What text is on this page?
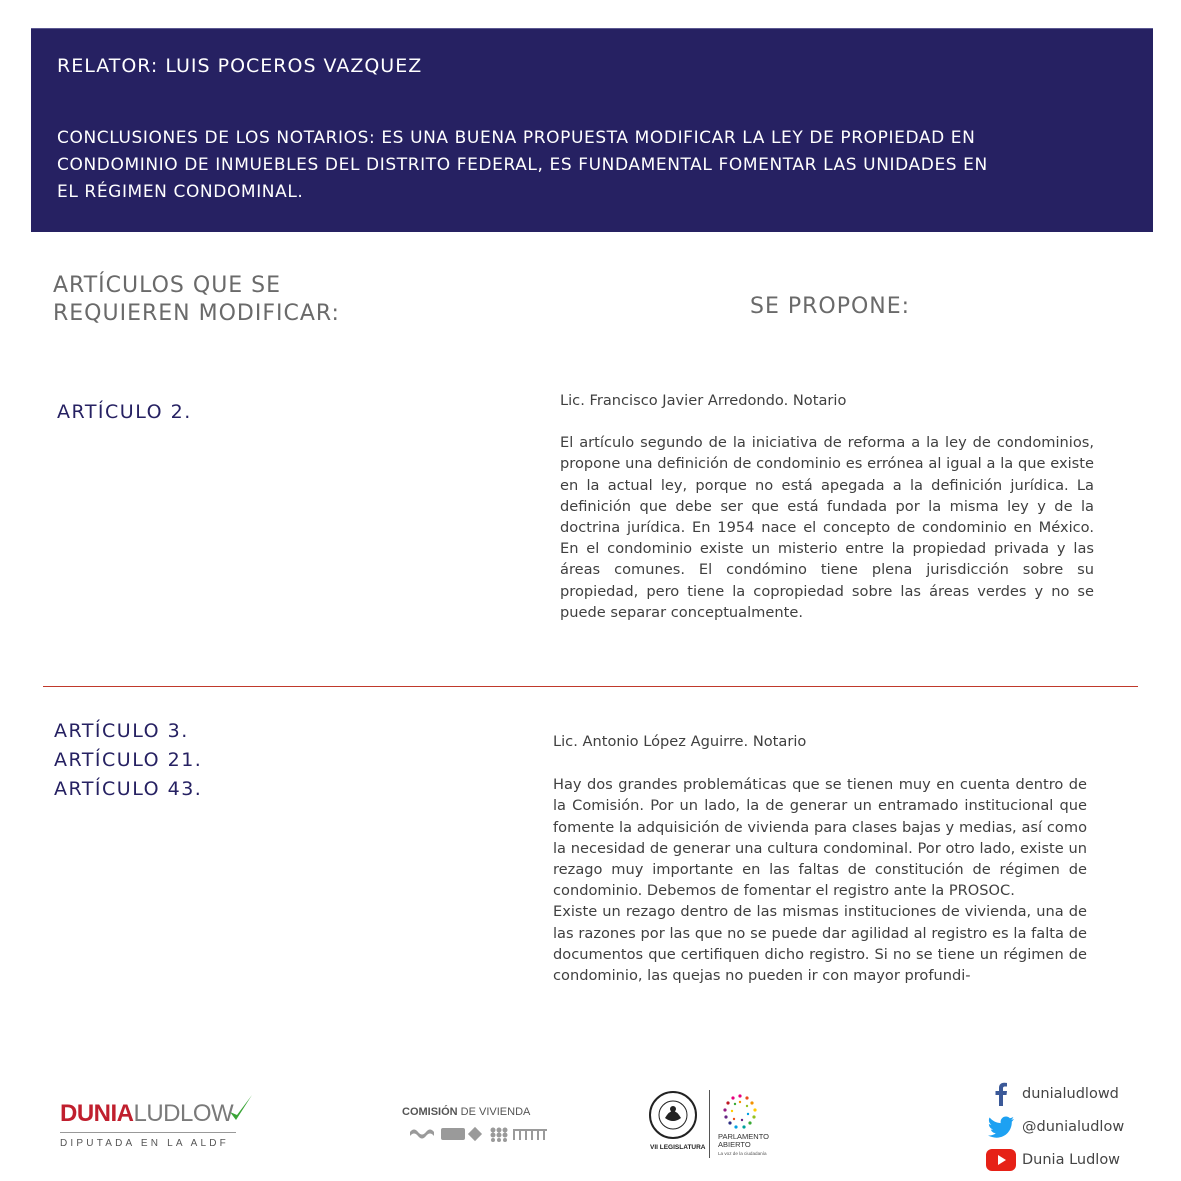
RELATOR: LUIS POCEROS VAZQUEZ
CONCLUSIONES DE LOS NOTARIOS: ES UNA BUENA PROPUESTA MODIFICAR LA LEY DE PROPIEDAD EN CONDOMINIO DE INMUEBLES DEL DISTRITO FEDERAL, ES FUNDAMENTAL FOMENTAR LAS UNIDADES EN EL RÉGIMEN CONDOMINAL.
ARTÍCULOS QUE SE REQUIEREN MODIFICAR:	SE PROPONE:
ARTÍCULO 2.
Lic. Francisco Javier Arredondo. Notario

El artículo segundo de la iniciativa de reforma a la ley de condominios, propone una definición de condominio es errónea al igual a la que existe en la actual ley, porque no está apegada a la definición jurídica. La definición que debe ser que está fundada por la misma ley y de la doctrina jurídica. En 1954 nace el concepto de condominio en México. En el condominio existe un misterio entre la propiedad privada y las áreas comunes. El condómino tiene plena jurisdicción sobre su propiedad, pero tiene la copropiedad sobre las áreas verdes y no se puede separar conceptualmente.

ARTÍCULO 3.
ARTÍCULO 21.
ARTÍCULO 43.
Lic. Antonio López Aguirre. Notario

Hay dos grandes problemáticas que se tienen muy en cuenta dentro de la Comisión. Por un lado, la de generar un entramado institucional que fomente la adquisición de vivienda para clases bajas y medias, así como la necesidad de generar una cultura condominal. Por otro lado, existe un rezago muy importante en las faltas de constitución de régimen de condominio. Debemos de fomentar el registro ante la PROSOC.

Existe un rezago dentro de las mismas instituciones de vivienda, una de las razones por las que no se puede dar agilidad al registro es la falta de documentos que certifiquen dicho registro. Si no se tiene un régimen de condominio, las quejas no pueden ir con mayor profundi-

DUNIALUDLOW
DIPUTADA EN LA ALDF
COMISIÓN DE VIVIENDA
VII LEGISLATURA
PARLAMENTO
ABIERTO
La voz de la ciudadanía
dunialudlowd
@dunialudlow
Dunia Ludlow
